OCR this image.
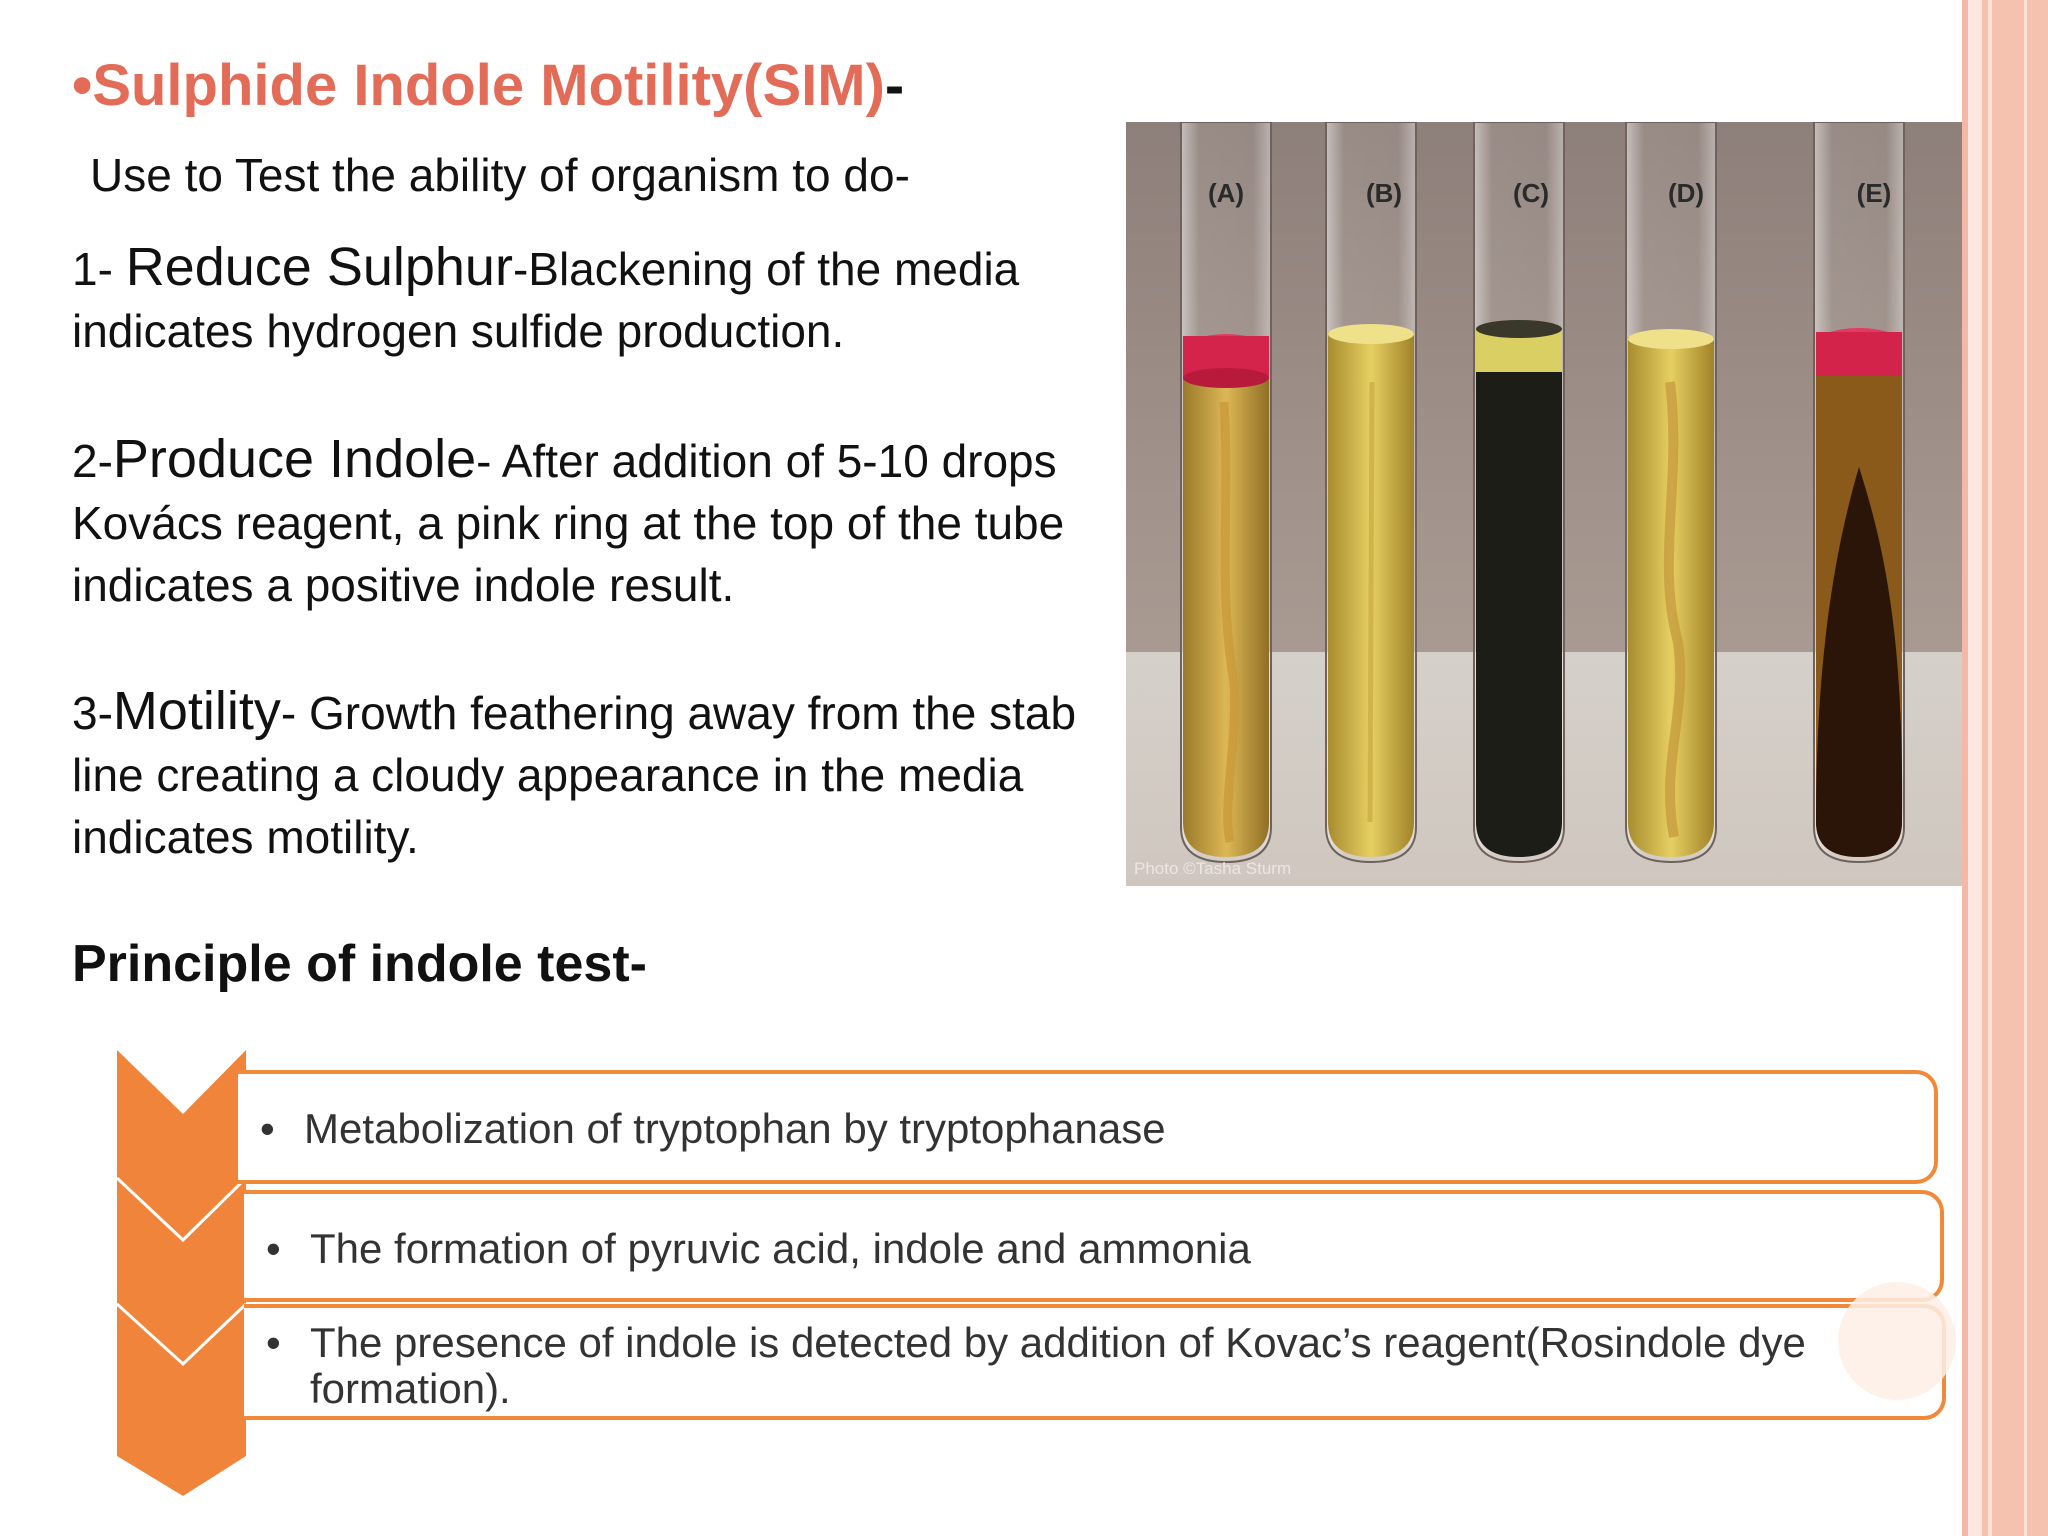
•Sulphide Indole Motility(SIM)-
Use to Test the ability of organism to do-
1- Reduce Sulphur-Blackening of the media indicates hydrogen sulfide production.
2-Produce Indole- After addition of 5-10 drops Kovács reagent, a pink ring at the top of the tube indicates a positive indole result.
3-Motility- Growth feathering away from the stab line creating a cloudy appearance in the media indicates motility.
Principle of indole test-
(A)	(B)	(C)	(D)	(E)
Photo ©Tasha Sturm
• Metabolization of tryptophan by tryptophanase
• The formation of pyruvic acid, indole and ammonia
• The presence of indole is detected by addition of Kovac’s reagent(Rosindole dye formation).
